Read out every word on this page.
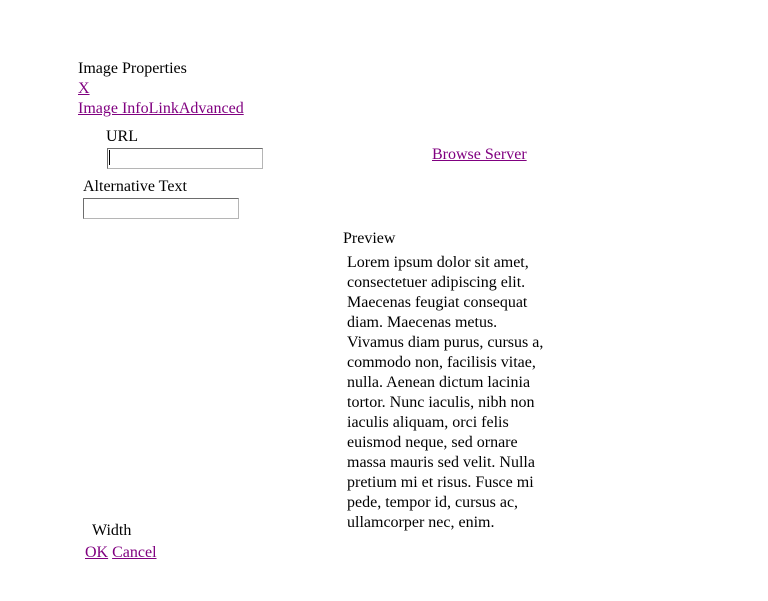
Image Properties
X
Image InfoLinkAdvanced
URL
Browse Server
Alternative Text
Preview

Lorem ipsum dolor sit amet, consectetuer adipiscing elit. Maecenas feugiat consequat diam. Maecenas metus. Vivamus diam purus, cursus a, commodo non, facilisis vitae, nulla. Aenean dictum lacinia tortor. Nunc iaculis, nibh non iaculis aliquam, orci felis euismod neque, sed ornare massa mauris sed velit. Nulla pretium mi et risus. Fusce mi pede, tempor id, cursus ac, ullamcorper nec, enim.

Width
OK Cancel
